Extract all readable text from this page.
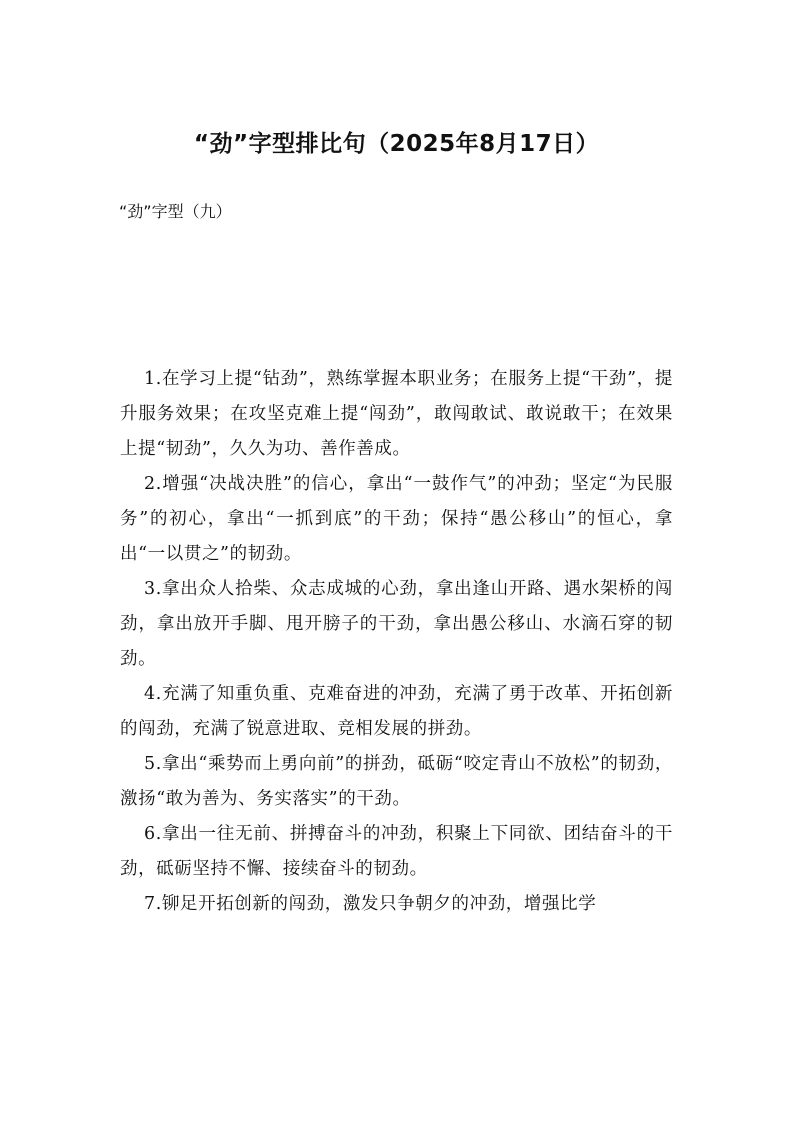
“劲”字型排比句（2025年8月17日）
“劲”字型（九）

1.在学习上提“钻劲”，熟练掌握本职业务；在服务上提“干劲”，提升服务效果；在攻坚克难上提“闯劲”，敢闯敢试、敢说敢干；在效果上提“韧劲”，久久为功、善作善成。

2.增强“决战决胜”的信心，拿出“一鼓作气”的冲劲；坚定“为民服务”的初心，拿出“一抓到底”的干劲；保持“愚公移山”的恒心，拿出“一以贯之”的韧劲。

3.拿出众人拾柴、众志成城的心劲，拿出逢山开路、遇水架桥的闯劲，拿出放开手脚、甩开膀子的干劲，拿出愚公移山、水滴石穿的韧劲。

4.充满了知重负重、克难奋进的冲劲，充满了勇于改革、开拓创新的闯劲，充满了锐意进取、竞相发展的拼劲。

5.拿出“乘势而上勇向前”的拼劲，砥砺“咬定青山不放松”的韧劲，激扬“敢为善为、务实落实”的干劲。

6.拿出一往无前、拼搏奋斗的冲劲，积聚上下同欲、团结奋斗的干劲，砥砺坚持不懈、接续奋斗的韧劲。

7.铆足开拓创新的闯劲，激发只争朝夕的冲劲，增强比学
